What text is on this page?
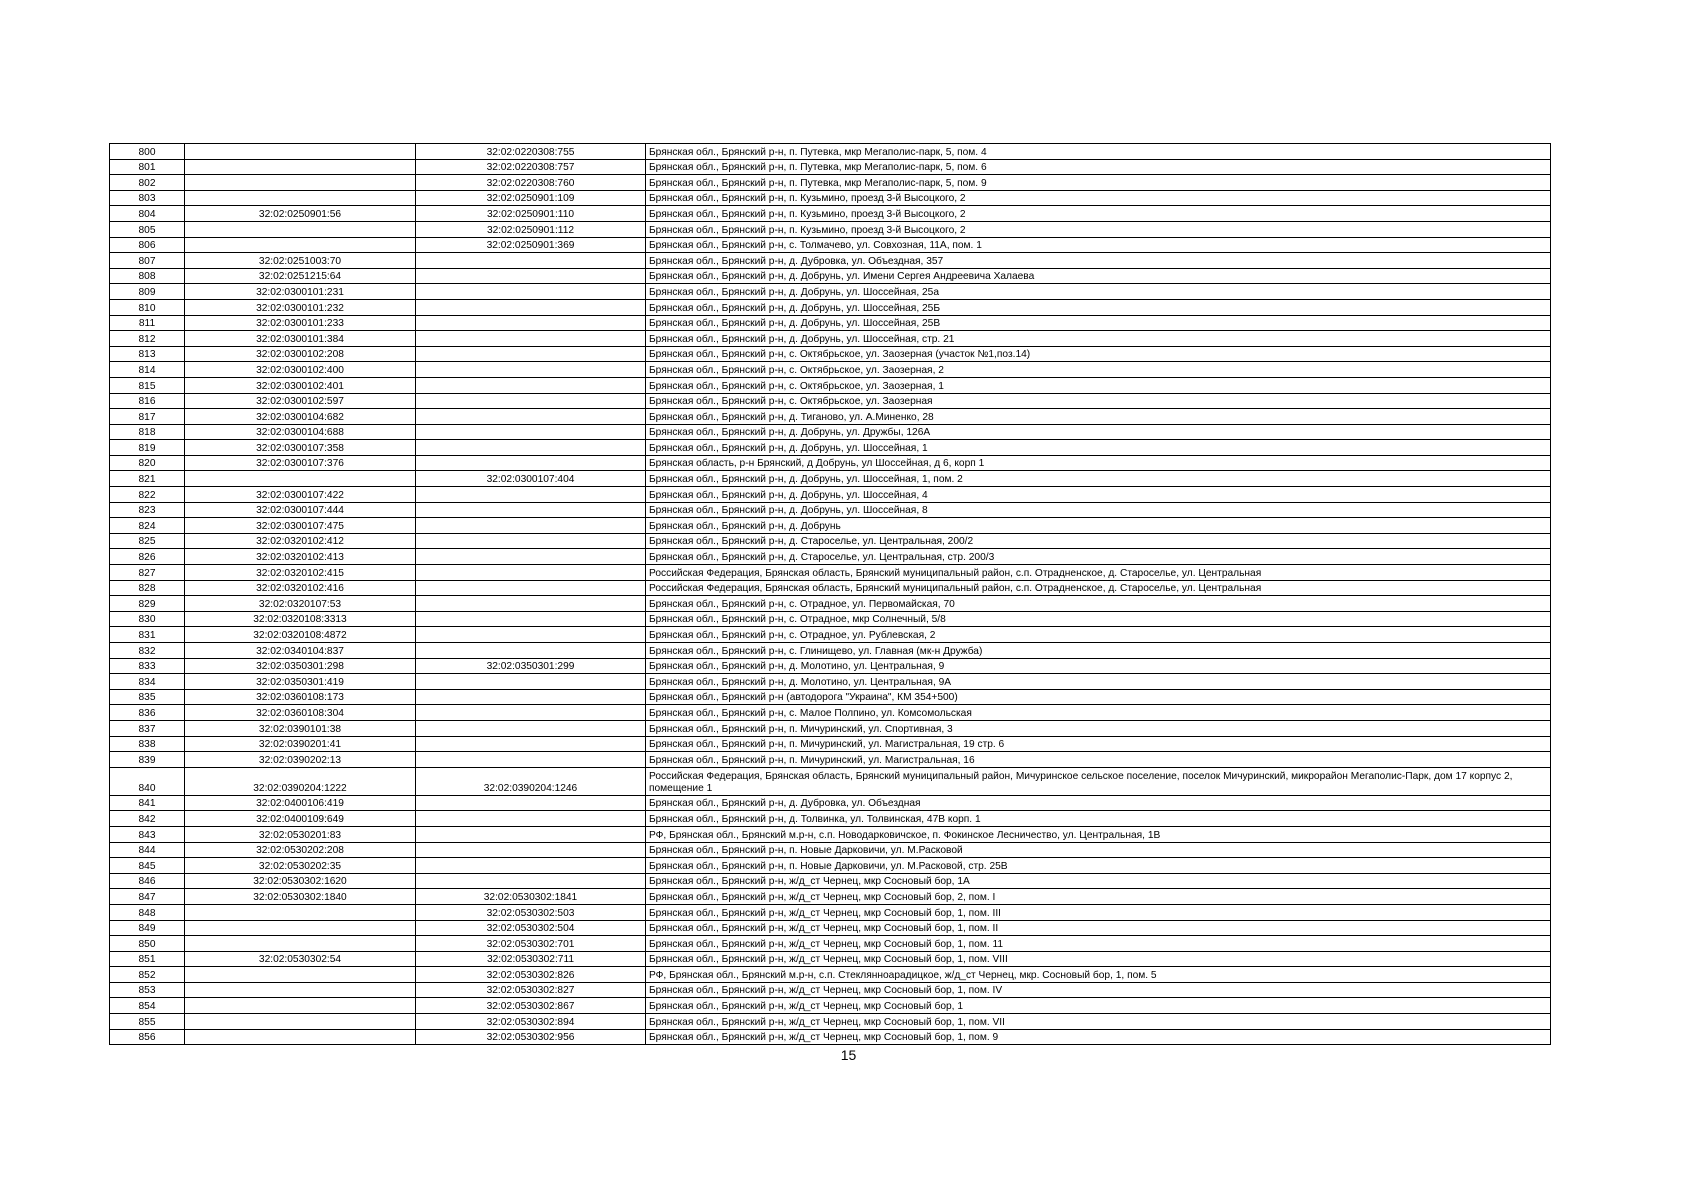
800		32:02:0220308:755	Брянская обл., Брянский р-н, п. Путевка, мкр Мегаполис-парк, 5, пом. 4
801		32:02:0220308:757	Брянская обл., Брянский р-н, п. Путевка, мкр Мегаполис-парк, 5, пом. 6
802		32:02:0220308:760	Брянская обл., Брянский р-н, п. Путевка, мкр Мегаполис-парк, 5, пом. 9
803		32:02:0250901:109	Брянская обл., Брянский р-н, п. Кузьмино, проезд 3-й Высоцкого, 2
804	32:02:0250901:56	32:02:0250901:110	Брянская обл., Брянский р-н, п. Кузьмино, проезд 3-й Высоцкого, 2
805		32:02:0250901:112	Брянская обл., Брянский р-н, п. Кузьмино, проезд 3-й Высоцкого, 2
806		32:02:0250901:369	Брянская обл., Брянский р-н, с. Толмачево, ул. Совхозная, 11А, пом. 1
807	32:02:0251003:70		Брянская обл., Брянский р-н, д. Дубровка, ул. Объездная, 357
808	32:02:0251215:64		Брянская обл., Брянский р-н, д. Добрунь, ул. Имени Сергея Андреевича Халаева
809	32:02:0300101:231		Брянская обл., Брянский р-н, д. Добрунь, ул. Шоссейная, 25а
810	32:02:0300101:232		Брянская обл., Брянский р-н, д. Добрунь, ул. Шоссейная, 25Б
811	32:02:0300101:233		Брянская обл., Брянский р-н, д. Добрунь, ул. Шоссейная, 25В
812	32:02:0300101:384		Брянская обл., Брянский р-н, д. Добрунь, ул. Шоссейная, стр. 21
813	32:02:0300102:208		Брянская обл., Брянский р-н, с. Октябрьское, ул. Заозерная (участок №1,поз.14)
814	32:02:0300102:400		Брянская обл., Брянский р-н, с. Октябрьское, ул. Заозерная, 2
815	32:02:0300102:401		Брянская обл., Брянский р-н, с. Октябрьское, ул. Заозерная, 1
816	32:02:0300102:597		Брянская обл., Брянский р-н, с. Октябрьское, ул. Заозерная
817	32:02:0300104:682		Брянская обл., Брянский р-н, д. Тиганово, ул. А.Миненко, 28
818	32:02:0300104:688		Брянская обл., Брянский р-н, д. Добрунь, ул. Дружбы, 126А
819	32:02:0300107:358		Брянская обл., Брянский р-н, д. Добрунь, ул. Шоссейная, 1
820	32:02:0300107:376		Брянская область, р-н Брянский, д Добрунь, ул Шоссейная, д 6, корп 1
821		32:02:0300107:404	Брянская обл., Брянский р-н, д. Добрунь, ул. Шоссейная, 1, пом. 2
822	32:02:0300107:422		Брянская обл., Брянский р-н, д. Добрунь, ул. Шоссейная, 4
823	32:02:0300107:444		Брянская обл., Брянский р-н, д. Добрунь, ул. Шоссейная, 8
824	32:02:0300107:475		Брянская обл., Брянский р-н, д. Добрунь
825	32:02:0320102:412		Брянская обл., Брянский р-н, д. Староселье, ул. Центральная, 200/2
826	32:02:0320102:413		Брянская обл., Брянский р-н, д. Староселье, ул. Центральная, стр. 200/3
827	32:02:0320102:415		Российская Федерация, Брянская область, Брянский муниципальный район, с.п. Отрадненское, д. Староселье, ул. Центральная
828	32:02:0320102:416		Российская Федерация, Брянская область, Брянский муниципальный район, с.п. Отрадненское, д. Староселье, ул. Центральная
829	32:02:0320107:53		Брянская обл., Брянский р-н, с. Отрадное, ул. Первомайская, 70
830	32:02:0320108:3313		Брянская обл., Брянский р-н, с. Отрадное, мкр Солнечный, 5/8
831	32:02:0320108:4872		Брянская обл., Брянский р-н, с. Отрадное, ул. Рублевская, 2
832	32:02:0340104:837		Брянская обл., Брянский р-н, с. Глинищево, ул. Главная (мк-н Дружба)
833	32:02:0350301:298	32:02:0350301:299	Брянская обл., Брянский р-н, д. Молотино, ул. Центральная, 9
834	32:02:0350301:419		Брянская обл., Брянский р-н, д. Молотино, ул. Центральная, 9А
835	32:02:0360108:173		Брянская обл., Брянский р-н (автодорога "Украина", КМ 354+500)
836	32:02:0360108:304		Брянская обл., Брянский р-н, с. Малое Полпино, ул. Комсомольская
837	32:02:0390101:38		Брянская обл., Брянский р-н, п. Мичуринский, ул. Спортивная, 3
838	32:02:0390201:41		Брянская обл., Брянский р-н, п. Мичуринский, ул. Магистральная, 19 стр. 6
839	32:02:0390202:13		Брянская обл., Брянский р-н, п. Мичуринский, ул. Магистральная, 16
840	32:02:0390204:1222	32:02:0390204:1246	Российская Федерация, Брянская область, Брянский муниципальный район, Мичуринское сельское поселение, поселок Мичуринский, микрорайон Мегаполис-Парк, дом 17 корпус 2, помещение 1
841	32:02:0400106:419		Брянская обл., Брянский р-н, д. Дубровка, ул. Объездная
842	32:02:0400109:649		Брянская обл., Брянский р-н, д. Толвинка, ул. Толвинская, 47В корп. 1
843	32:02:0530201:83		РФ, Брянская обл., Брянский м.р-н, с.п. Новодарковичское, п. Фокинское Лесничество, ул. Центральная, 1В
844	32:02:0530202:208		Брянская обл., Брянский р-н, п. Новые Дарковичи, ул. М.Расковой
845	32:02:0530202:35		Брянская обл., Брянский р-н, п. Новые Дарковичи, ул. М.Расковой, стр. 25В
846	32:02:0530302:1620		Брянская обл., Брянский р-н, ж/д_ст Чернец, мкр Сосновый бор, 1А
847	32:02:0530302:1840	32:02:0530302:1841	Брянская обл., Брянский р-н, ж/д_ст Чернец, мкр Сосновый бор, 2, пом. I
848		32:02:0530302:503	Брянская обл., Брянский р-н, ж/д_ст Чернец, мкр Сосновый бор, 1, пом. III
849		32:02:0530302:504	Брянская обл., Брянский р-н, ж/д_ст Чернец, мкр Сосновый бор, 1, пом. II
850		32:02:0530302:701	Брянская обл., Брянский р-н, ж/д_ст Чернец, мкр Сосновый бор, 1, пом. 11
851	32:02:0530302:54	32:02:0530302:711	Брянская обл., Брянский р-н, ж/д_ст Чернец, мкр Сосновый бор, 1, пом. VIII
852		32:02:0530302:826	РФ, Брянская обл., Брянский м.р-н, с.п. Стеклянноарадицкое, ж/д_ст Чернец, мкр. Сосновый бор, 1, пом. 5
853		32:02:0530302:827	Брянская обл., Брянский р-н, ж/д_ст Чернец, мкр Сосновый бор, 1, пом. IV
854		32:02:0530302:867	Брянская обл., Брянский р-н, ж/д_ст Чернец, мкр Сосновый бор, 1
855		32:02:0530302:894	Брянская обл., Брянский р-н, ж/д_ст Чернец, мкр Сосновый бор, 1, пом. VII
856		32:02:0530302:956	Брянская обл., Брянский р-н, ж/д_ст Чернец, мкр Сосновый бор, 1, пом. 9
15
